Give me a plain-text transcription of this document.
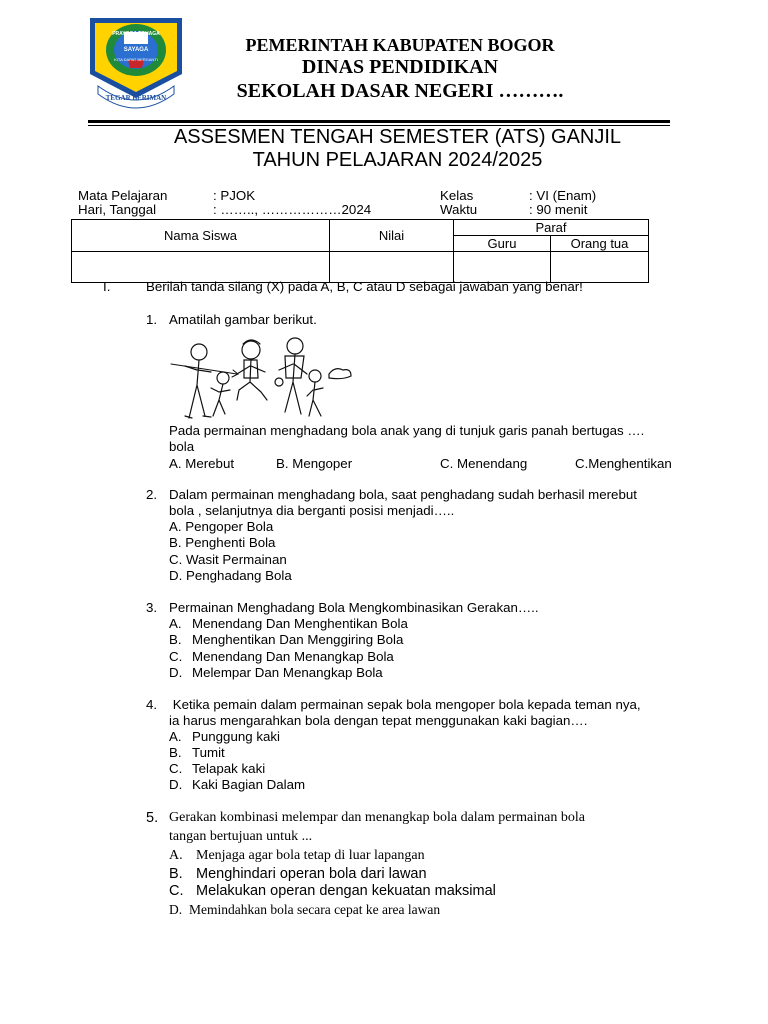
PRAYOGA TOHAGA
SAYAGA
KITA DAPAT BERGANTI
TEGAR BERIMAN
PEMERINTAH KABUPATEN BOGOR
DINAS PENDIDIKAN
SEKOLAH DASAR NEGERI ……….
ASSESMEN TENGAH SEMESTER (ATS) GANJIL
TAHUN PELAJARAN 2024/2025
Mata Pelajaran	: PJOK
Hari, Tanggal	: …….., ………………2024
Kelas	: VI (Enam)
Waktu	: 90 menit
Nama Siswa	Nilai	Paraf	
		Guru	Orang tua

I.	Berilah tanda silang (X) pada A, B, C atau D sebagai jawaban yang benar!
1. Amatilah gambar berikut.
Pada permainan menghadang bola anak yang di tunjuk garis panah bertugas ….
bola
A. Merebut	B. Mengoper	C. Menendang	C.Menghentikan
2. Dalam permainan menghadang bola, saat penghadang sudah berhasil merebut
bola , selanjutnya dia berganti posisi menjadi…..
A. Pengoper Bola
B. Penghenti Bola
C. Wasit Permainan
D. Penghadang Bola
3. Permainan Menghadang Bola Mengkombinasikan Gerakan…..
A. Menendang Dan Menghentikan Bola
B. Menghentikan Dan Menggiring Bola
C. Menendang Dan Menangkap Bola
D. Melempar Dan Menangkap Bola
4. Ketika pemain dalam permainan sepak bola mengoper bola kepada teman nya,
ia harus mengarahkan bola dengan tepat menggunakan kaki bagian….
A. Punggung kaki
B. Tumit
C. Telapak kaki
D. Kaki Bagian Dalam
5. Gerakan kombinasi melempar dan menangkap bola dalam permainan bola
tangan bertujuan untuk ...
A. Menjaga agar bola tetap di luar lapangan
B. Menghindari operan bola dari lawan
C. Melakukan operan dengan kekuatan maksimal
D. Memindahkan bola secara cepat ke area lawan
